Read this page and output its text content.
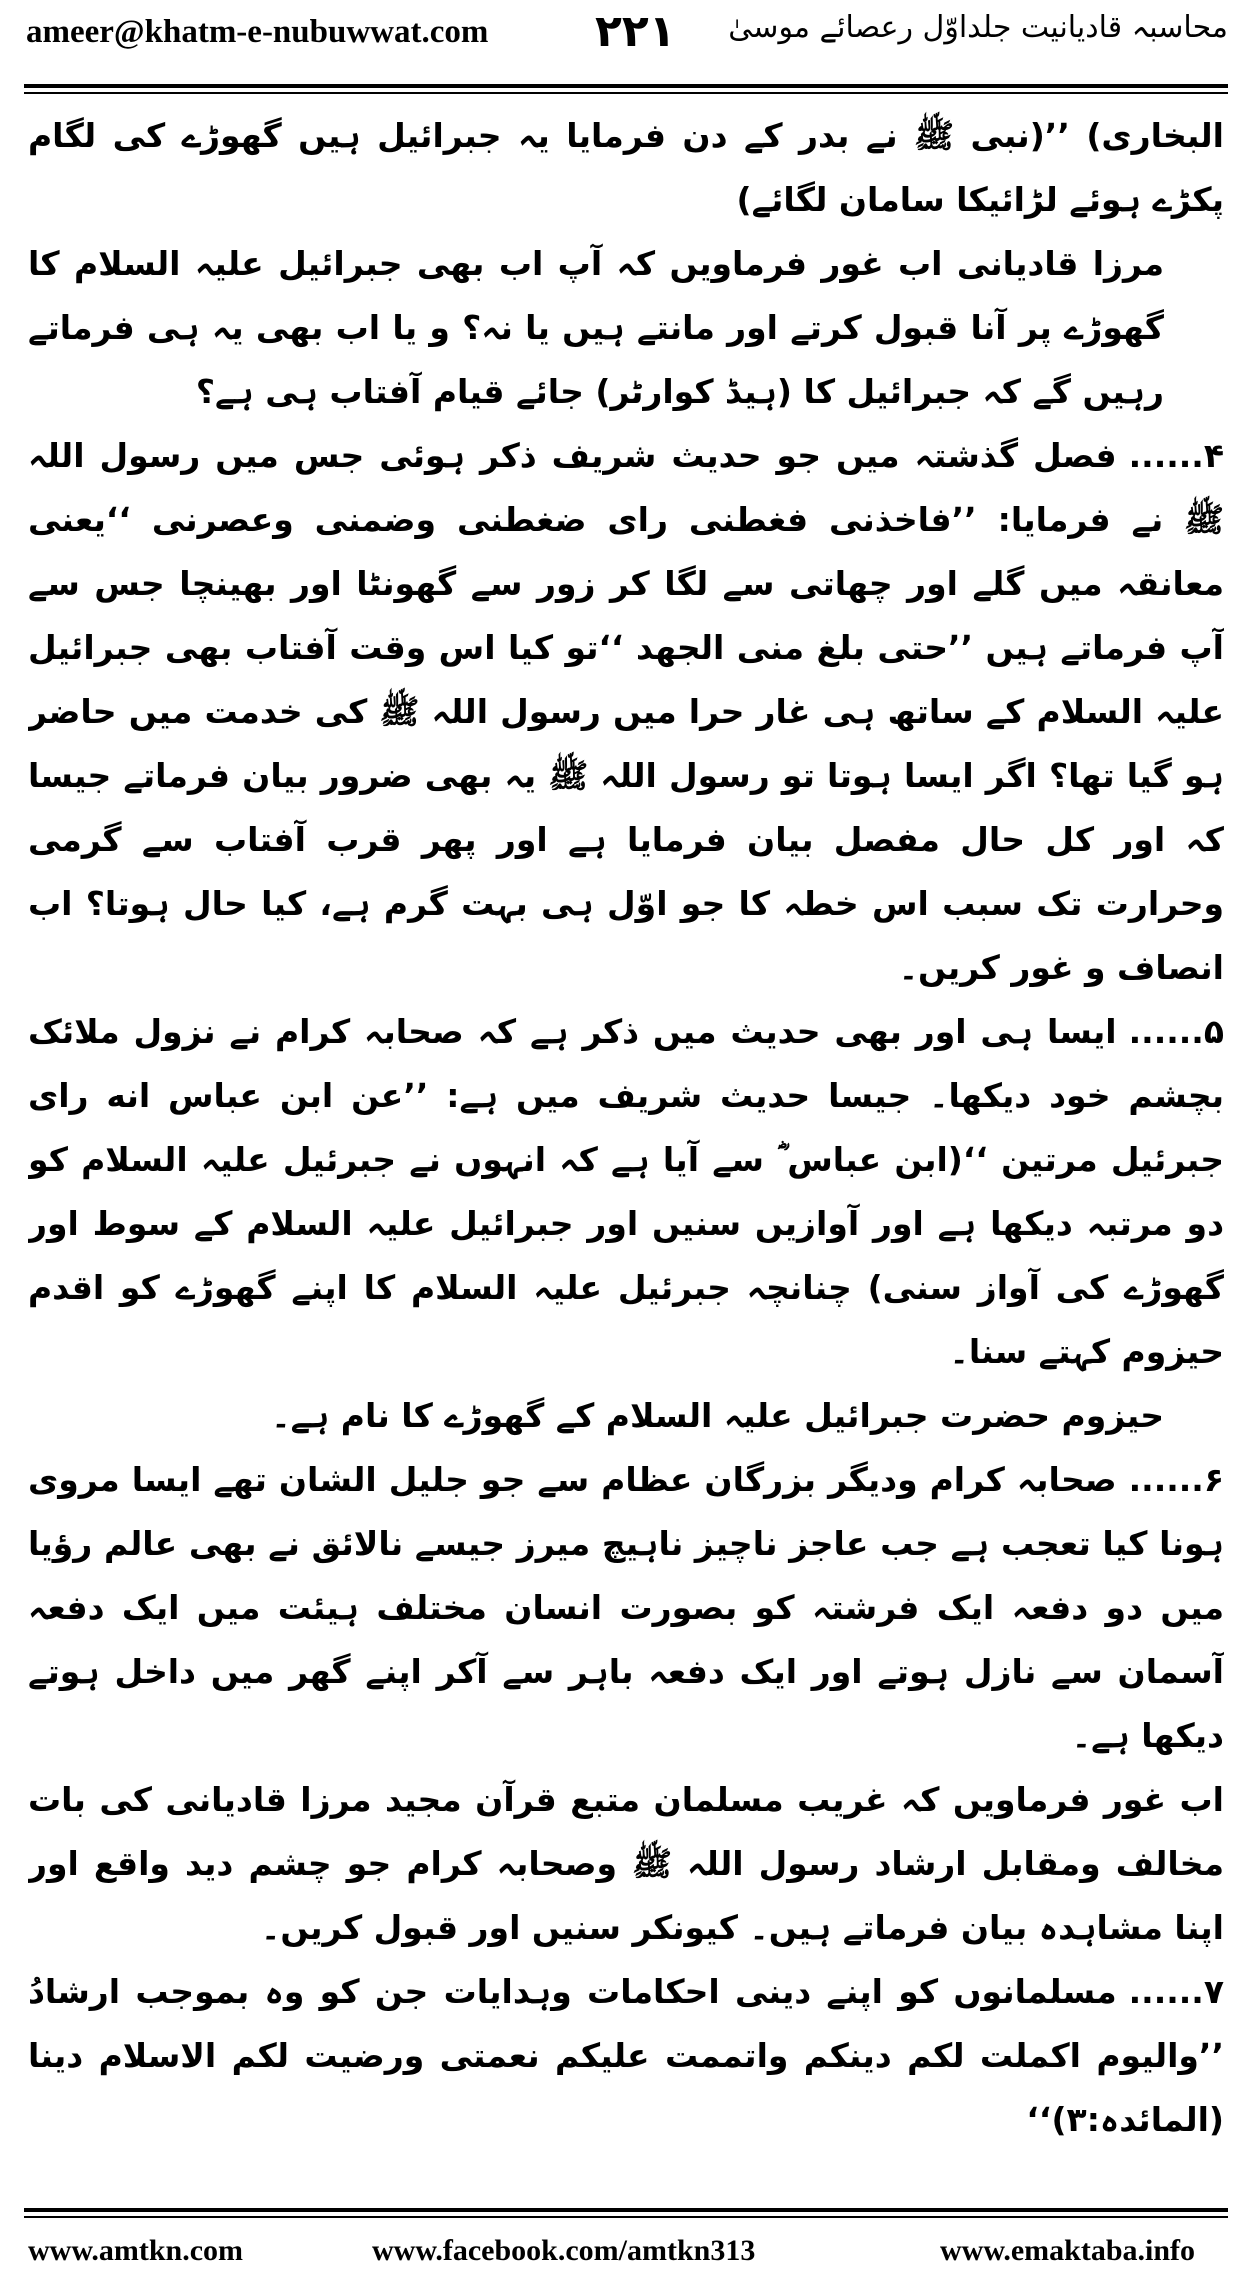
ameer@khatm-e-nubuwwat.com ۲۲۱ محاسبہ قادیانیت جلداوّل رعصائے موسیٰ

البخاری) ’’(نبی ﷺ نے بدر کے دن فرمایا یہ جبرائیل ہیں گھوڑے کی لگام پکڑے ہوئے لڑائیکا سامان لگائے)

مرزا قادیانی اب غور فرماویں کہ آپ اب بھی جبرائیل علیہ السلام کا گھوڑے پر آنا قبول کرتے اور مانتے ہیں یا نہ؟ و یا اب بھی یہ ہی فرماتے رہیں گے کہ جبرائیل کا (ہیڈ کوارٹر) جائے قیام آفتاب ہی ہے؟

۴......فصل گذشتہ میں جو حدیث شریف ذکر ہوئی جس میں رسول اللہ ﷺ نے فرمایا: ’’فاخذنی فغطنی رای ضغطنی وضمنی وعصرنی ‘‘یعنی معانقہ میں گلے اور چھاتی سے لگا کر زور سے گھونٹا اور بھینچا جس سے آپ فرماتے ہیں ’’حتی بلغ منی الجهد ‘‘تو کیا اس وقت آفتاب بھی جبرائیل علیہ السلام کے ساتھ ہی غار حرا میں رسول اللہ ﷺ کی خدمت میں حاضر ہو گیا تھا؟ اگر ایسا ہوتا تو رسول اللہ ﷺ یہ بھی ضرور بیان فرماتے جیسا کہ اور کل حال مفصل بیان فرمایا ہے اور پھر قرب آفتاب سے گرمی وحرارت تک سبب اس خطہ کا جو اوّل ہی بہت گرم ہے، کیا حال ہوتا؟ اب انصاف و غور کریں۔

۵......ایسا ہی اور بھی حدیث میں ذکر ہے کہ صحابہ کرام نے نزول ملائک بچشم خود دیکھا۔ جیسا حدیث شریف میں ہے: ’’عن ابن عباس انه رای جبرئیل مرتین ‘‘(ابن عباس ؓ سے آیا ہے کہ انہوں نے جبرئیل علیہ السلام کو دو مرتبہ دیکھا ہے اور آوازیں سنیں اور جبرائیل علیہ السلام کے سوط اور گھوڑے کی آواز سنی) چنانچہ جبرئیل علیہ السلام کا اپنے گھوڑے کو اقدم حیزوم کہتے سنا۔

حیزوم حضرت جبرائیل علیہ السلام کے گھوڑے کا نام ہے۔

۶......صحابہ کرام ودیگر بزرگان عظام سے جو جلیل الشان تھے ایسا مروی ہونا کیا تعجب ہے جب عاجز ناچیز ناہیچ میرز جیسے نالائق نے بھی عالم رؤیا میں دو دفعہ ایک فرشتہ کو بصورت انسان مختلف ہیئت میں ایک دفعہ آسمان سے نازل ہوتے اور ایک دفعہ باہر سے آکر اپنے گھر میں داخل ہوتے دیکھا ہے۔

اب غور فرماویں کہ غریب مسلمان متبع قرآن مجید مرزا قادیانی کی بات مخالف ومقابل ارشاد رسول اللہ ﷺ وصحابہ کرام جو چشم دید واقع اور اپنا مشاہدہ بیان فرماتے ہیں۔ کیونکر سنیں اور قبول کریں۔

۷......مسلمانوں کو اپنے دینی احکامات وہدایات جن کو وہ بموجب ارشادُ ’’والیوم اکملت لکم دینکم واتممت علیکم نعمتی ورضیت لکم الاسلام دینا (المائدہ:۳)‘‘

www.amtkn.com	www.facebook.com/amtkn313	www.emaktaba.info
